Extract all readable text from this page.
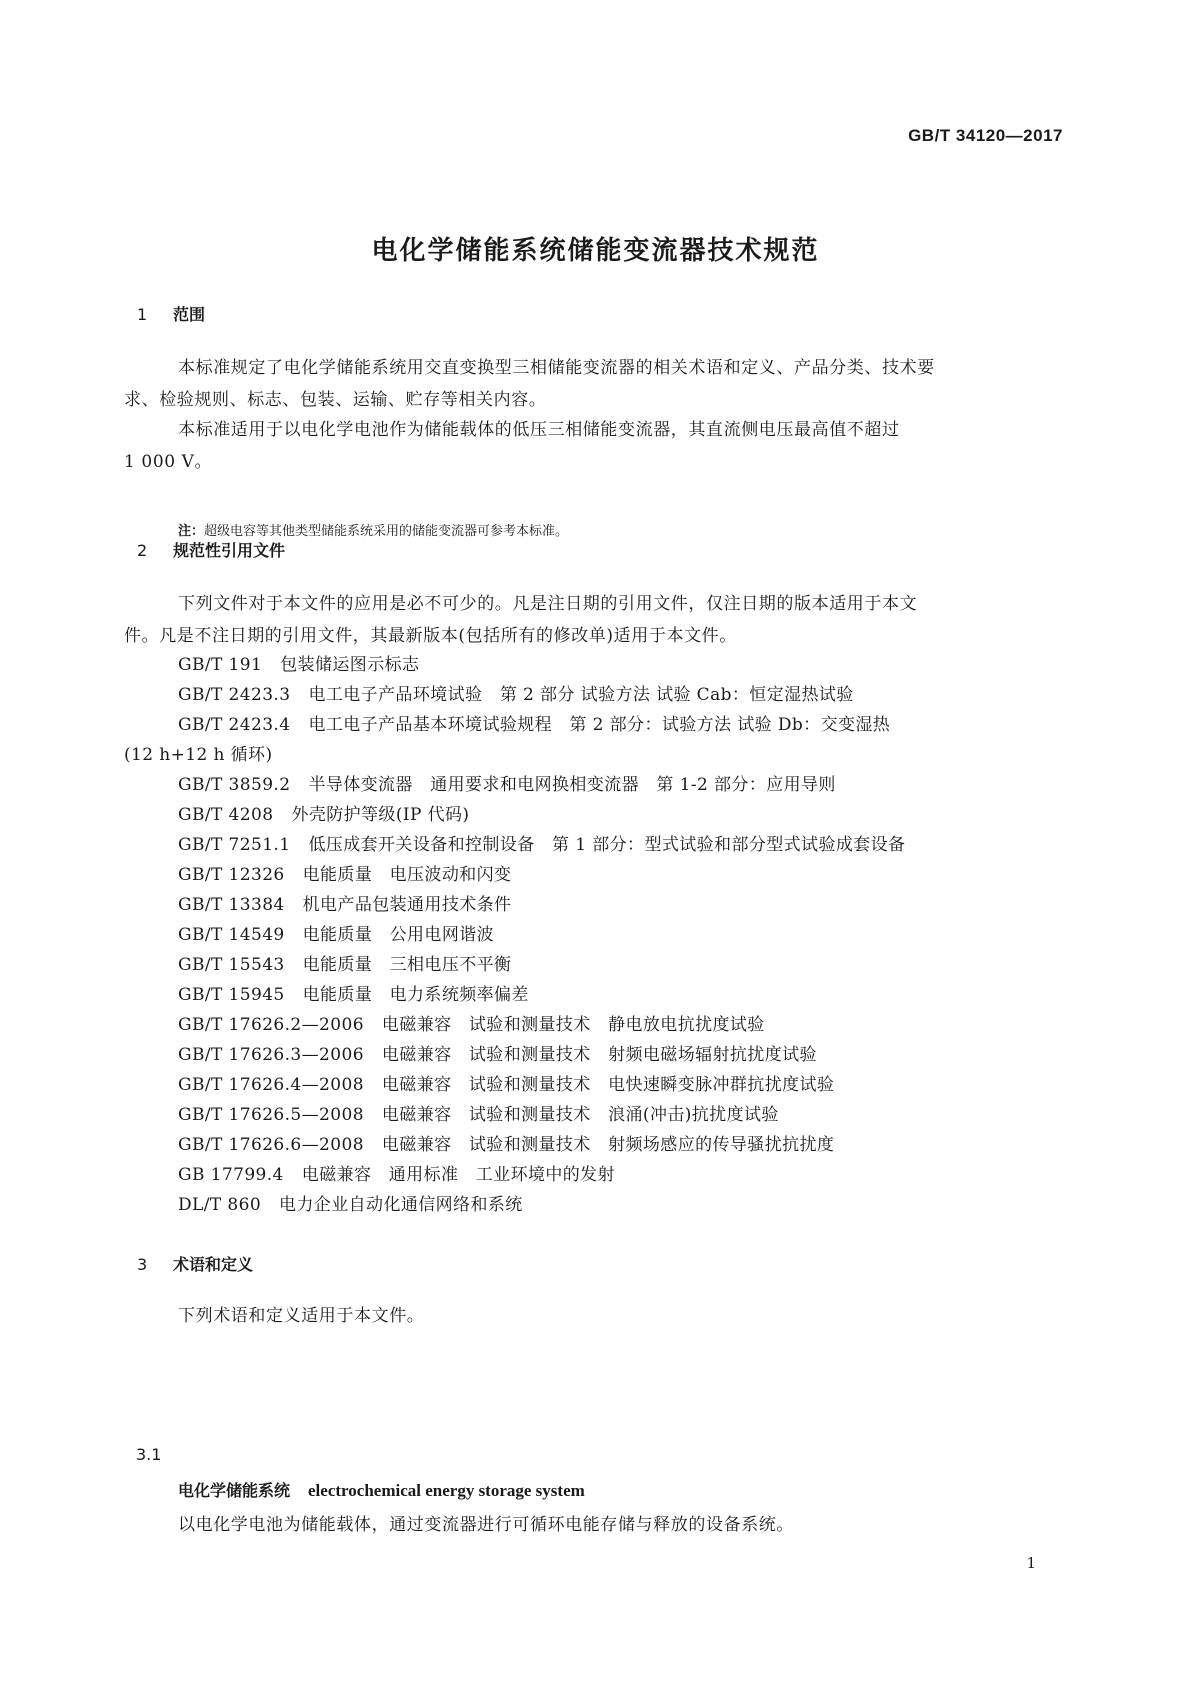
GB/T 34120—2017
电化学储能系统储能变流器技术规范
1 范围
本标准规定了电化学储能系统用交直变换型三相储能变流器的相关术语和定义、产品分类、技术要
求、检验规则、标志、包装、运输、贮存等相关内容。
本标准适用于以电化学电池作为储能载体的低压三相储能变流器，其直流侧电压最高值不超过
1 000 V。
注：超级电容等其他类型储能系统采用的储能变流器可参考本标准。
2 规范性引用文件
下列文件对于本文件的应用是必不可少的。凡是注日期的引用文件，仅注日期的版本适用于本文
件。凡是不注日期的引用文件，其最新版本(包括所有的修改单)适用于本文件。
GB/T 191 包装储运图示标志
GB/T 2423.3 电工电子产品环境试验　第 2 部分 试验方法 试验 Cab：恒定湿热试验
GB/T 2423.4 电工电子产品基本环境试验规程　第 2 部分：试验方法 试验 Db：交变湿热
(12 h+12 h 循环)
GB/T 3859.2 半导体变流器　通用要求和电网换相变流器　第 1-2 部分：应用导则
GB/T 4208 外壳防护等级(IP 代码)
GB/T 7251.1 低压成套开关设备和控制设备　第 1 部分：型式试验和部分型式试验成套设备
GB/T 12326 电能质量　电压波动和闪变
GB/T 13384 机电产品包装通用技术条件
GB/T 14549 电能质量　公用电网谐波
GB/T 15543 电能质量　三相电压不平衡
GB/T 15945 电能质量　电力系统频率偏差
GB/T 17626.2—2006 电磁兼容　试验和测量技术　静电放电抗扰度试验
GB/T 17626.3—2006 电磁兼容　试验和测量技术　射频电磁场辐射抗扰度试验
GB/T 17626.4—2008 电磁兼容　试验和测量技术　电快速瞬变脉冲群抗扰度试验
GB/T 17626.5—2008 电磁兼容　试验和测量技术　浪涌(冲击)抗扰度试验
GB/T 17626.6—2008 电磁兼容　试验和测量技术　射频场感应的传导骚扰抗扰度
GB 17799.4 电磁兼容　通用标准　工业环境中的发射
DL/T 860 电力企业自动化通信网络和系统
3 术语和定义
下列术语和定义适用于本文件。
3.1
电化学储能系统 electrochemical energy storage system
以电化学电池为储能载体，通过变流器进行可循环电能存储与释放的设备系统。
1
